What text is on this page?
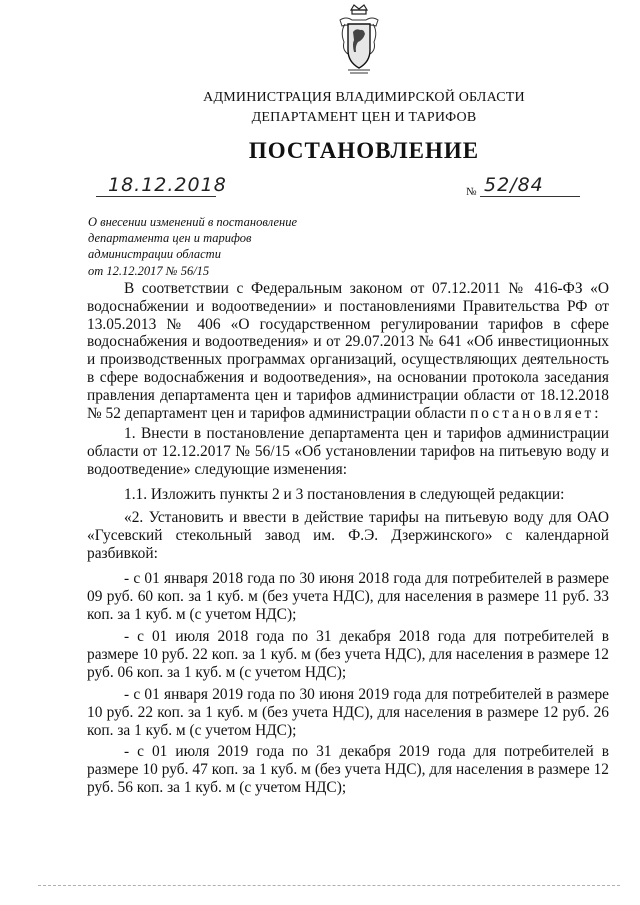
АДМИНИСТРАЦИЯ ВЛАДИМИРСКОЙ ОБЛАСТИ
ДЕПАРТАМЕНТ ЦЕН И ТАРИФОВ
ПОСТАНОВЛЕНИЕ
18.12.2018	№ 52/84
О внесении изменений в постановление
департамента цен и тарифов
администрации области
от 12.12.2017 № 56/15
В соответствии с Федеральным законом от 07.12.2011 № 416-ФЗ «О водоснабжении и водоотведении» и постановлениями Правительства РФ от 13.05.2013 № 406 «О государственном регулировании тарифов в сфере водоснабжения и водоотведения» и от 29.07.2013 № 641 «Об инвестиционных и производственных программах организаций, осуществляющих деятельность в сфере водоснабжения и водоотведения», на основании протокола заседания правления департамента цен и тарифов администрации области от 18.12.2018 № 52 департамент цен и тарифов администрации области постановляет:
1. Внести в постановление департамента цен и тарифов администрации области от 12.12.2017 № 56/15 «Об установлении тарифов на питьевую воду и водоотведение» следующие изменения:
1.1. Изложить пункты 2 и 3 постановления в следующей редакции:
«2. Установить и ввести в действие тарифы на питьевую воду для ОАО «Гусевский стекольный завод им. Ф.Э. Дзержинского» с календарной разбивкой:
- с 01 января 2018 года по 30 июня 2018 года для потребителей в размере 09 руб. 60 коп. за 1 куб. м (без учета НДС), для населения в размере 11 руб. 33 коп. за 1 куб. м (с учетом НДС);
- с 01 июля 2018 года по 31 декабря 2018 года для потребителей в размере 10 руб. 22 коп. за 1 куб. м (без учета НДС), для населения в размере 12 руб. 06 коп. за 1 куб. м (с учетом НДС);
- с 01 января 2019 года по 30 июня 2019 года для потребителей в размере 10 руб. 22 коп. за 1 куб. м (без учета НДС), для населения в размере 12 руб. 26 коп. за 1 куб. м (с учетом НДС);
- с 01 июля 2019 года по 31 декабря 2019 года для потребителей в размере 10 руб. 47 коп. за 1 куб. м (без учета НДС), для населения в размере 12 руб. 56 коп. за 1 куб. м (с учетом НДС);
